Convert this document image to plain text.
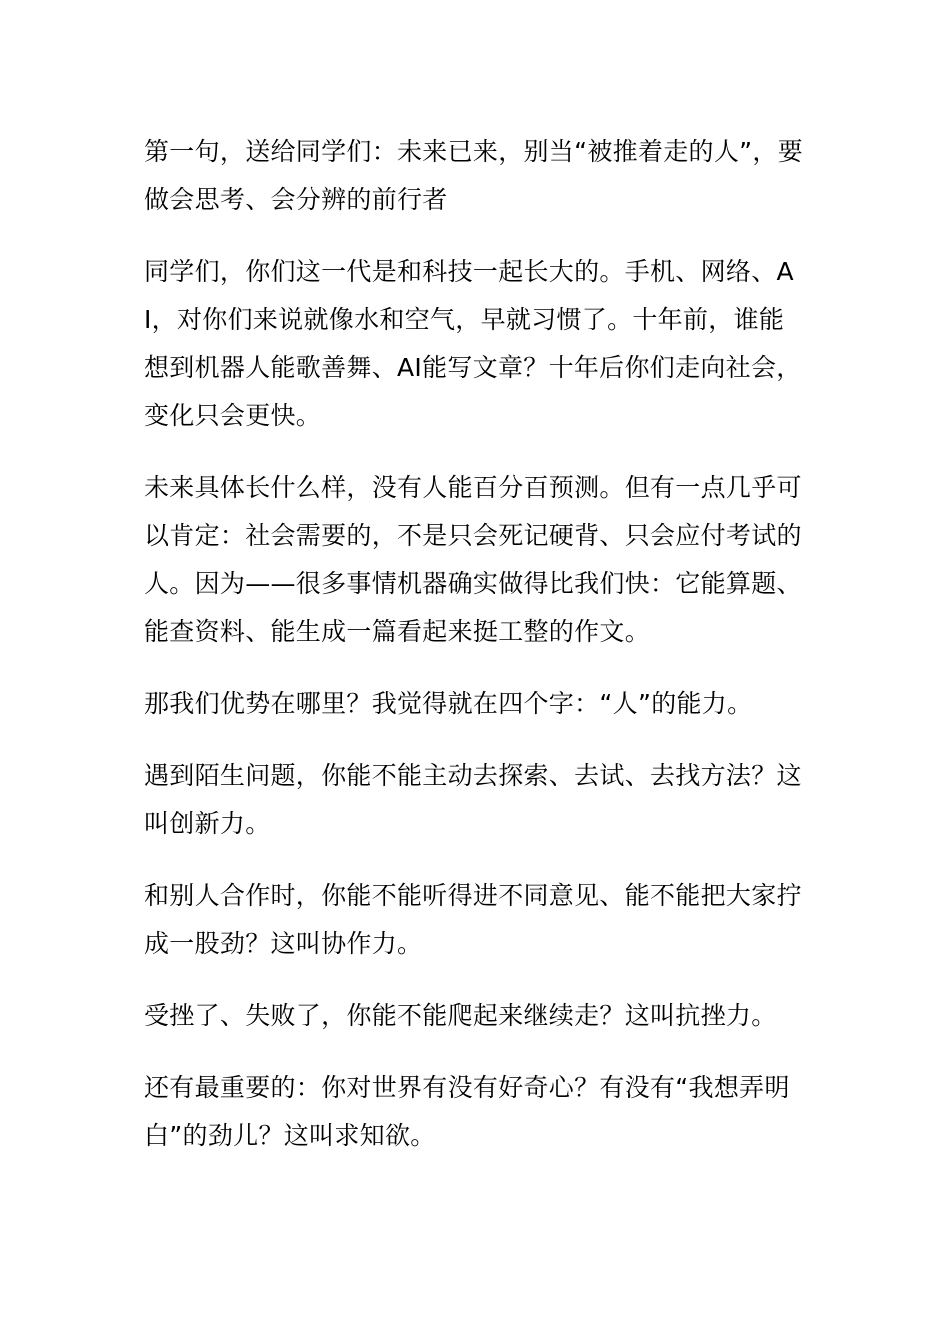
第一句，送给同学们：未来已来，别当“被推着走的人”，要做会思考、会分辨的前行者

同学们，你们这一代是和科技一起长大的。手机、网络、AI，对你们来说就像水和空气，早就习惯了。十年前，谁能想到机器人能歌善舞、AI能写文章？十年后你们走向社会，变化只会更快。

未来具体长什么样，没有人能百分百预测。但有一点几乎可以肯定：社会需要的，不是只会死记硬背、只会应付考试的人。因为——很多事情机器确实做得比我们快：它能算题、能查资料、能生成一篇看起来挺工整的作文。

那我们优势在哪里？我觉得就在四个字：“人”的能力。

遇到陌生问题，你能不能主动去探索、去试、去找方法？这叫创新力。

和别人合作时，你能不能听得进不同意见、能不能把大家拧成一股劲？这叫协作力。

受挫了、失败了，你能不能爬起来继续走？这叫抗挫力。

还有最重要的：你对世界有没有好奇心？有没有“我想弄明白”的劲儿？这叫求知欲。
